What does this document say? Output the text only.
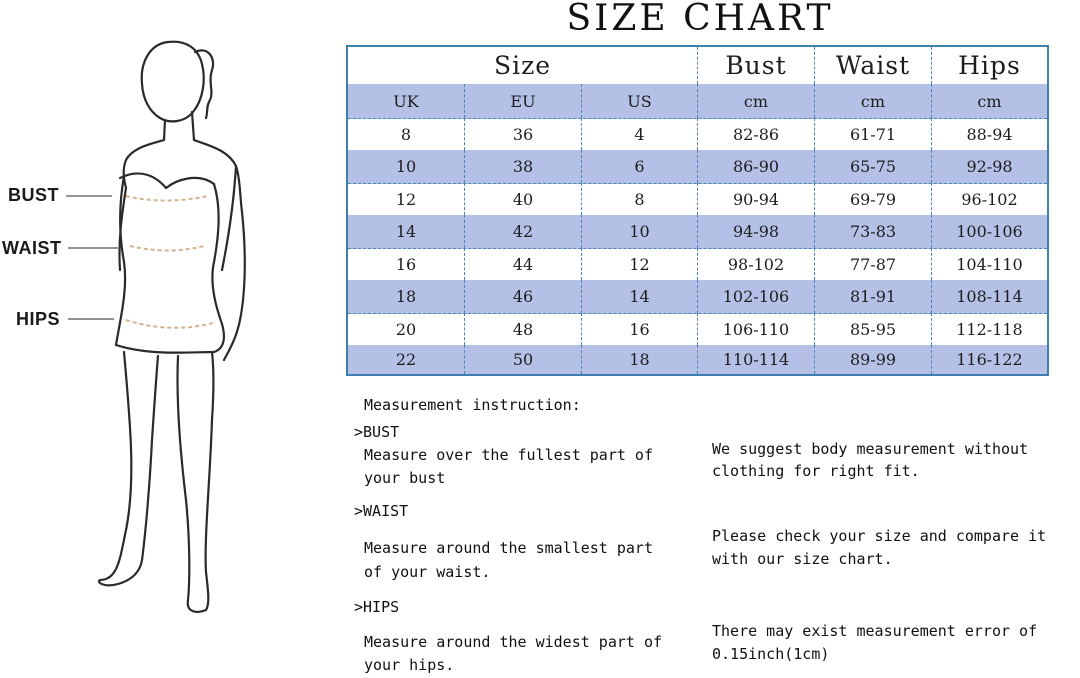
BUST
WAIST
HIPS
SIZE CHART
Size	Bust	Waist	Hips
UK	EU	US	cm	cm	cm
8	36	4	82-86	61-71	88-94
10	38	6	86-90	65-75	92-98
12	40	8	90-94	69-79	96-102
14	42	10	94-98	73-83	100-106
16	44	12	98-102	77-87	104-110
18	46	14	102-106	81-91	108-114
20	48	16	106-110	85-95	112-118
22	50	18	110-114	89-99	116-122
Measurement instruction:
>BUST
Measure over the fullest part of
your bust
>WAIST
Measure around the smallest part
of your waist.
>HIPS
Measure around the widest part of
your hips.
We suggest body measurement without
clothing for right fit.
Please check your size and compare it
with our size chart.
There may exist measurement error of
0.15inch(1cm)
